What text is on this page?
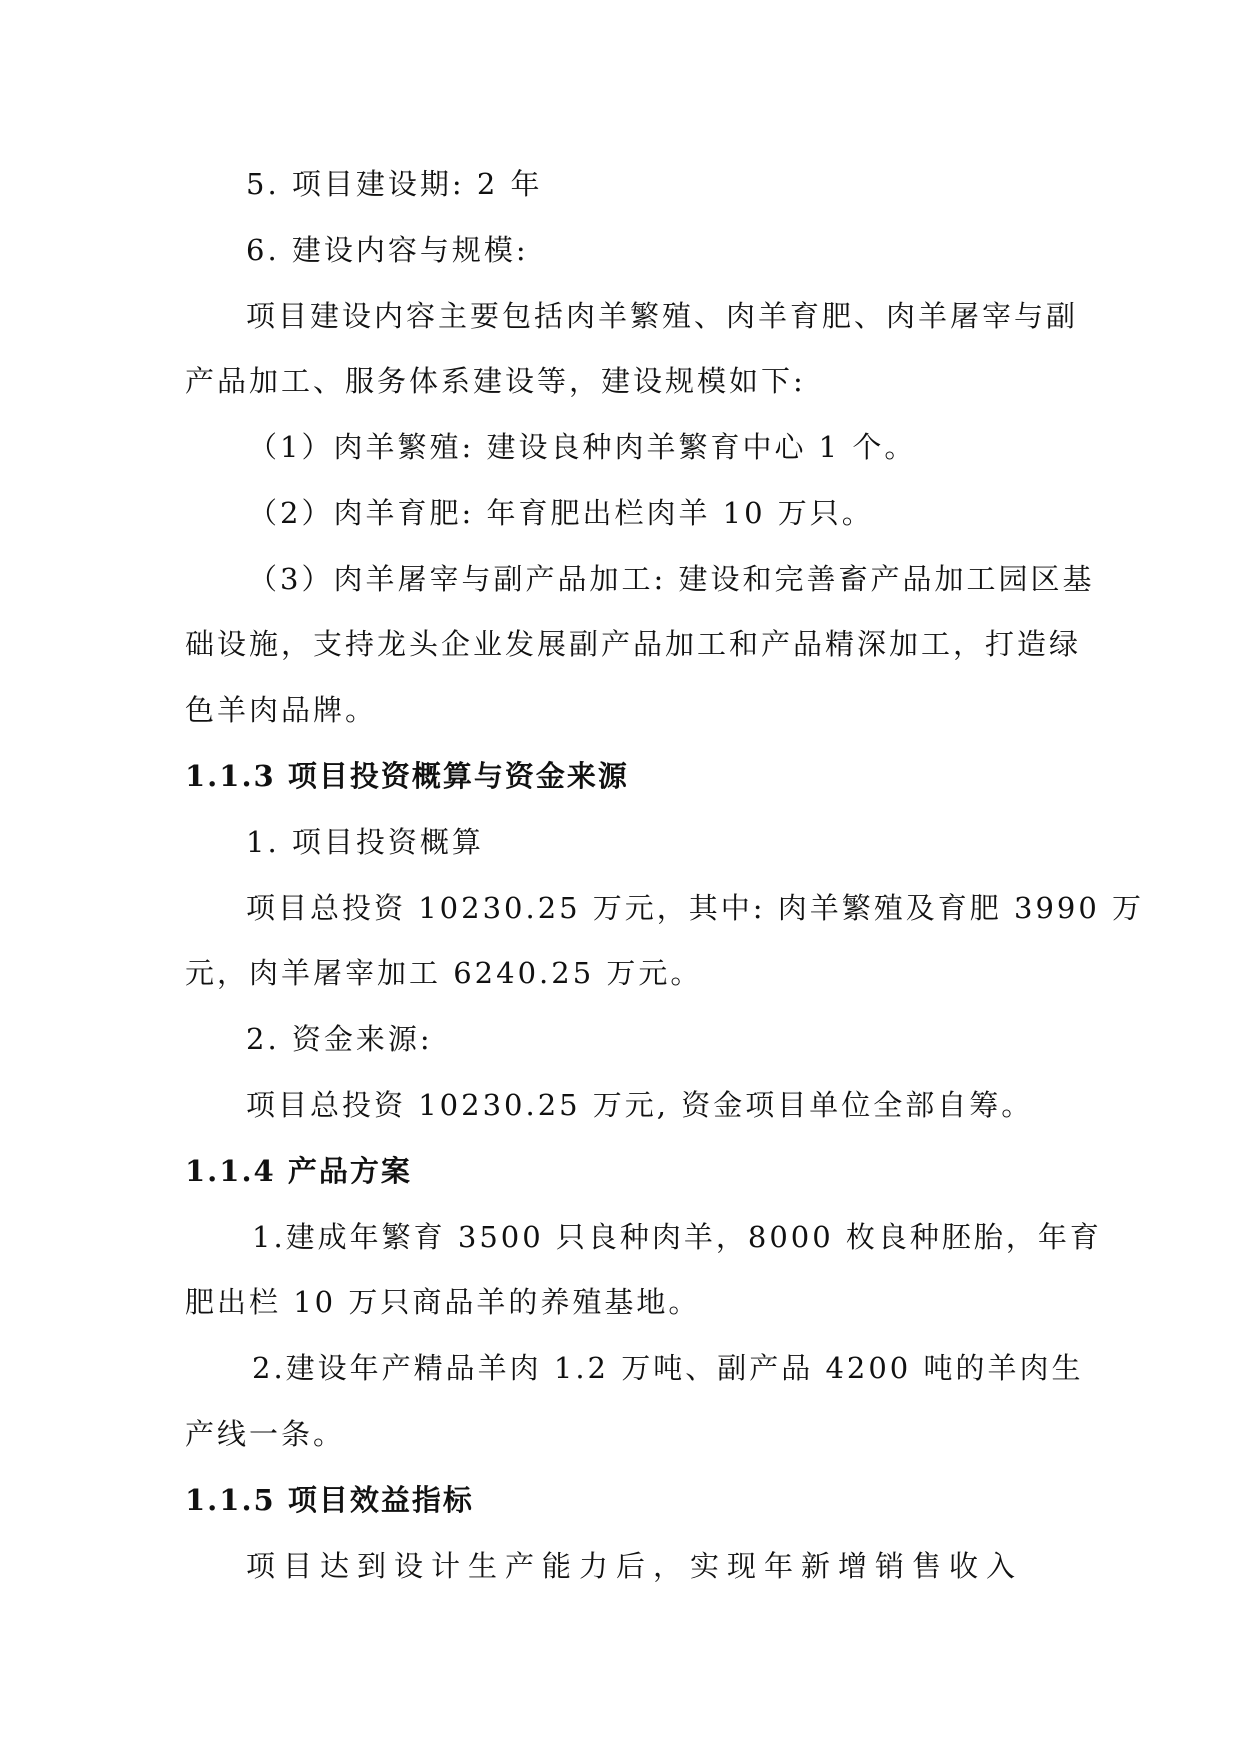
5. 项目建设期: 2 年
6. 建设内容与规模:
项目建设内容主要包括肉羊繁殖、肉羊育肥、肉羊屠宰与副
产品加工、服务体系建设等，建设规模如下:
（1）肉羊繁殖: 建设良种肉羊繁育中心 1 个。
（2）肉羊育肥: 年育肥出栏肉羊 10 万只。
（3）肉羊屠宰与副产品加工: 建设和完善畜产品加工园区基
础设施，支持龙头企业发展副产品加工和产品精深加工，打造绿
色羊肉品牌。
1.1.3 项目投资概算与资金来源
1. 项目投资概算
项目总投资 10230.25 万元，其中: 肉羊繁殖及育肥 3990 万
元，肉羊屠宰加工 6240.25 万元。
2. 资金来源:
项目总投资 10230.25 万元, 资金项目单位全部自筹。
1.1.4 产品方案
1.建成年繁育 3500 只良种肉羊，8000 枚良种胚胎，年育
肥出栏 10 万只商品羊的养殖基地。
2.建设年产精品羊肉 1.2 万吨、副产品 4200 吨的羊肉生
产线一条。
1.1.5 项目效益指标
项目达到设计生产能力后，实现年新增销售收入
